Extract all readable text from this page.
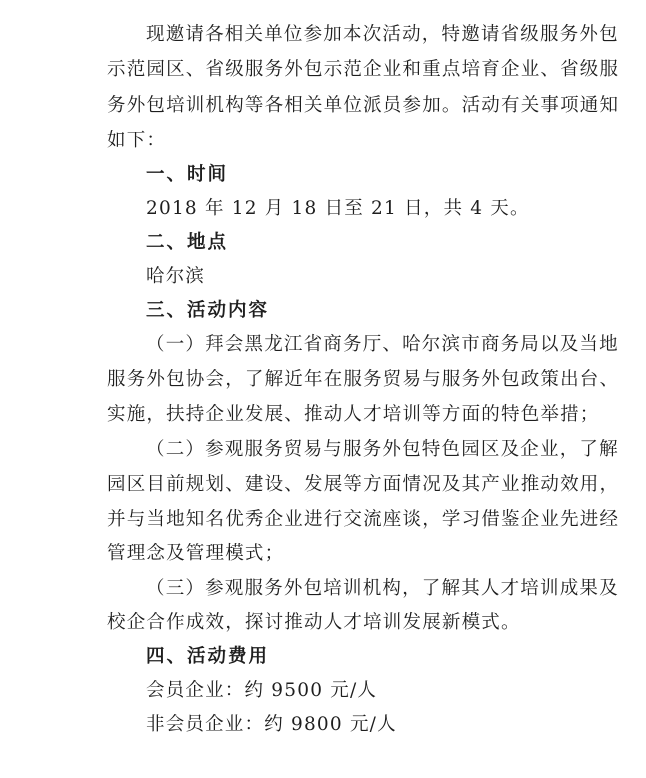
现邀请各相关单位参加本次活动，特邀请省级服务外包
示范园区、省级服务外包示范企业和重点培育企业、省级服
务外包培训机构等各相关单位派员参加。活动有关事项通知
如下：
一、时间
2018 年 12 月 18 日至 21 日，共 4 天。
二、地点
哈尔滨
三、活动内容
（一）拜会黑龙江省商务厅、哈尔滨市商务局以及当地
服务外包协会，了解近年在服务贸易与服务外包政策出台、
实施，扶持企业发展、推动人才培训等方面的特色举措；
（二）参观服务贸易与服务外包特色园区及企业，了解
园区目前规划、建设、发展等方面情况及其产业推动效用，
并与当地知名优秀企业进行交流座谈，学习借鉴企业先进经
管理念及管理模式；
（三）参观服务外包培训机构，了解其人才培训成果及
校企合作成效，探讨推动人才培训发展新模式。
四、活动费用
会员企业：约 9500 元/人
非会员企业：约 9800 元/人
